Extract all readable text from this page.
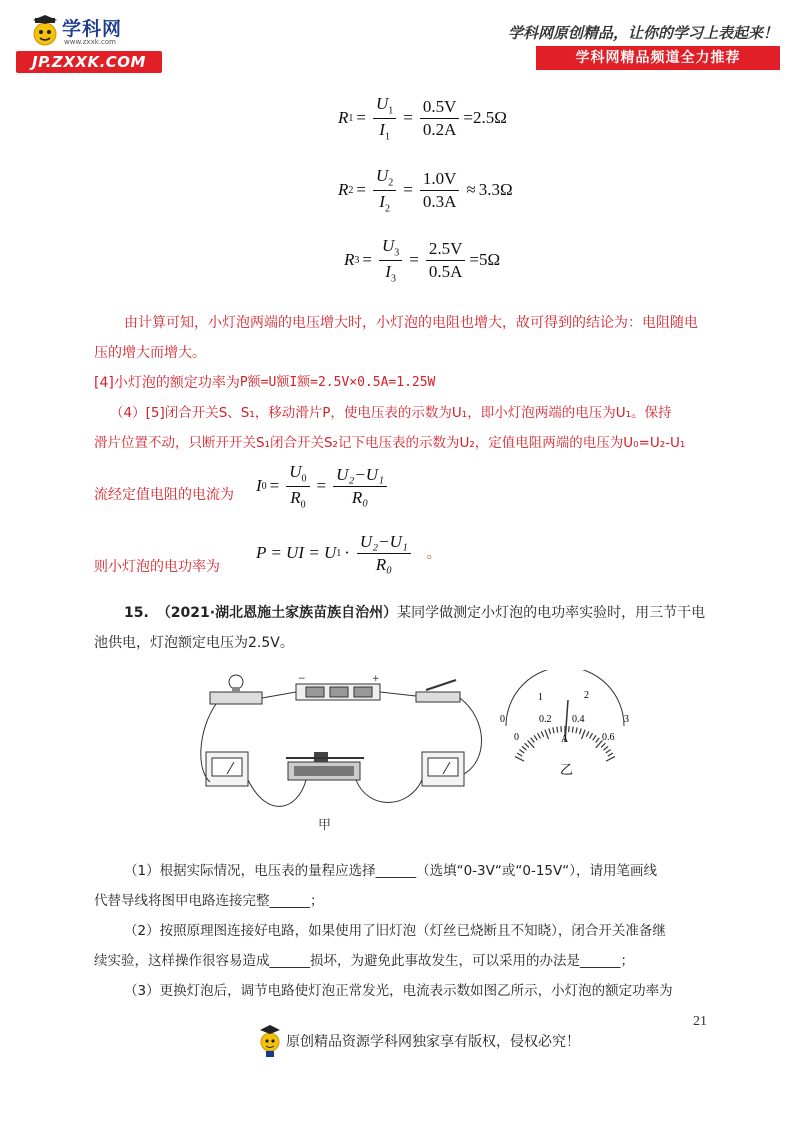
学科网
www.zxxk.com
JP.ZXXK.COM
学科网原创精品，让你的学习上表起来！
学科网精品频道全力推荐
R $1 = \frac{U_1}{I_1} = \frac{0.5V}{0.2A} = 2.5\Omega$
R $2 = \frac{U_2}{I_2} = \frac{1.0V}{0.3A} \approx 3.3\Omega$
R $3 = \frac{U_3}{I_3} = \frac{2.5V}{0.5A} = 5\Omega$
由计算可知，小灯泡两端的电压增大时，小灯泡的电阻也增大，故可得到的结论为：电阻随电
压的增大而增大。
[4]小灯泡的额定功率为 P额=U额I额=2.5V×0.5A=1.25W
（4）[5]闭合开关S、S₁，移动滑片P，使电压表的示数为U₁，即小灯泡两端的电压为U₁。保持
滑片位置不动，只断开开关S₁闭合开关S₂记下电压表的示数为U₂，定值电阻两端的电压为U₀=U₂-U₁
流经定值电阻的电流为 I $0 = \frac{U_0}{R_0} = \frac{\text{U₂−U₁}}{\text{R₀}}$
则小灯泡的电功率为
P = UI = U $1 \cdot \frac{\text{U₂−U₁}}{\text{R₀}}$ 。
15. （2021·湖北恩施土家族苗族自治州） 某同学做测定小灯泡的电功率实验时，用三节干电
池供电，灯泡额定电压为2.5V。
−	+
1	2
0	3
0
0.2 0.4
0.6
A
乙
甲
（1）根据实际情况，电压表的量程应选择______（选填“0-3V“或“0-15V“），请用笔画线
代替导线将图甲电路连接完整______；
（2）按照原理图连接好电路，如果使用了旧灯泡（灯丝已烧断且不知晓），闭合开关准备继
续实验，这样操作很容易造成______损坏，为避免此事故发生，可以采用的办法是______；
（3）更换灯泡后，调节电路使灯泡正常发光，电流表示数如图乙所示，小灯泡的额定功率为
21
原创精品资源学科网独家享有版权，侵权必究！
